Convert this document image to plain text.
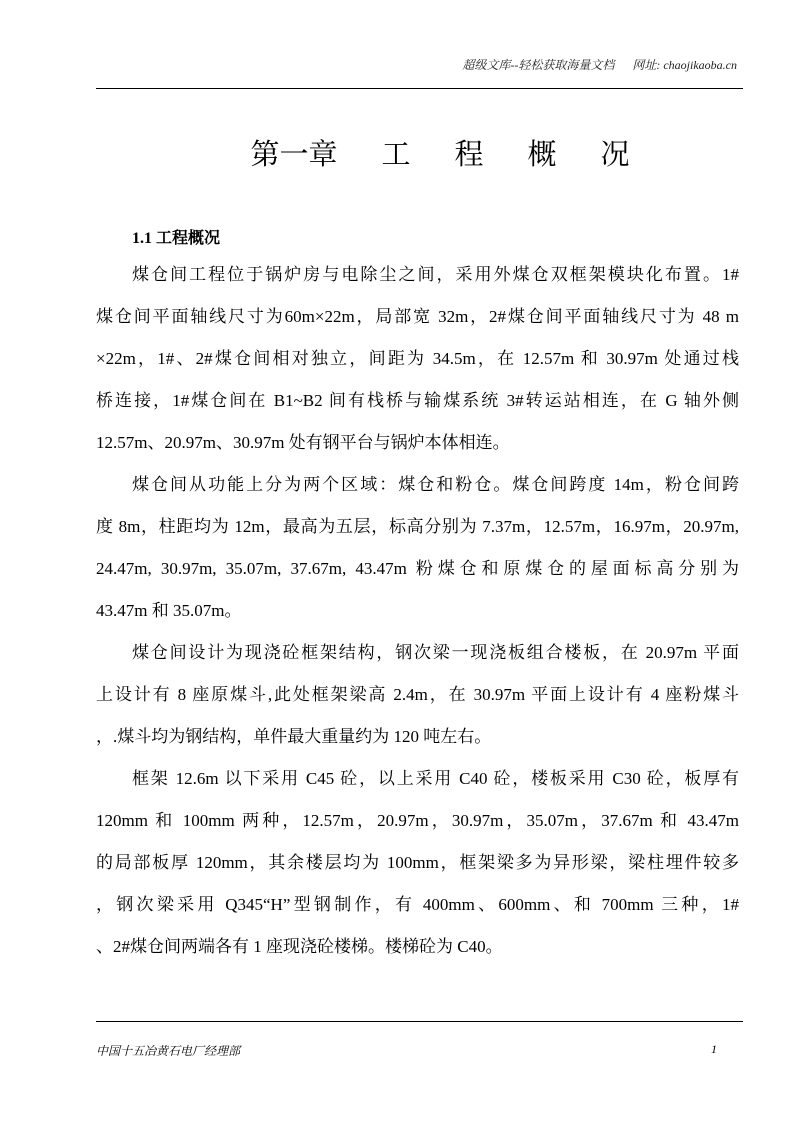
超级文库--轻松获取海量文档 网址: chaojikaoba.cn
第一章 工 程 概 况
1.1 工程概况
煤仓间工程位于锅炉房与电除尘之间，采用外煤仓双框架模块化布置。1#
煤仓间平面轴线尺寸为60m×22m，局部宽 32m，2#煤仓间平面轴线尺寸为 48 m
×22m，1#、2#煤仓间相对独立，间距为 34.5m，在 12.57m 和 30.97m 处通过栈
桥连接，1#煤仓间在 B1~B2 间有栈桥与输煤系统 3#转运站相连，在 G 轴外侧
12.57m、20.97m、30.97m 处有钢平台与锅炉本体相连。
煤仓间从功能上分为两个区域：煤仓和粉仓。煤仓间跨度 14m，粉仓间跨
度 8m，柱距均为 12m，最高为五层，标高分别为 7.37m，12.57m，16.97m，20.97m,
24.47m, 30.97m, 35.07m, 37.67m, 43.47m 粉煤仓和原煤仓的屋面标高分别为
43.47m 和 35.07m。
煤仓间设计为现浇砼框架结构，钢次梁一现浇板组合楼板，在 20.97m 平面
上设计有 8 座原煤斗,此处框架梁高 2.4m，在 30.97m 平面上设计有 4 座粉煤斗
，.煤斗均为钢结构，单件最大重量约为 120 吨左右。
框架 12.6m 以下采用 C45 砼，以上采用 C40 砼，楼板采用 C30 砼，板厚有
120mm 和 100mm 两种，12.57m，20.97m，30.97m，35.07m，37.67m 和 43.47m
的局部板厚 120mm，其余楼层均为 100mm，框架梁多为异形梁，梁柱埋件较多
，钢次梁采用 Q345“H”型钢制作，有 400mm、600mm、和 700mm 三种，1#
、2#煤仓间两端各有 1 座现浇砼楼梯。楼梯砼为 C40。
中国十五冶黄石电厂经理部	1
